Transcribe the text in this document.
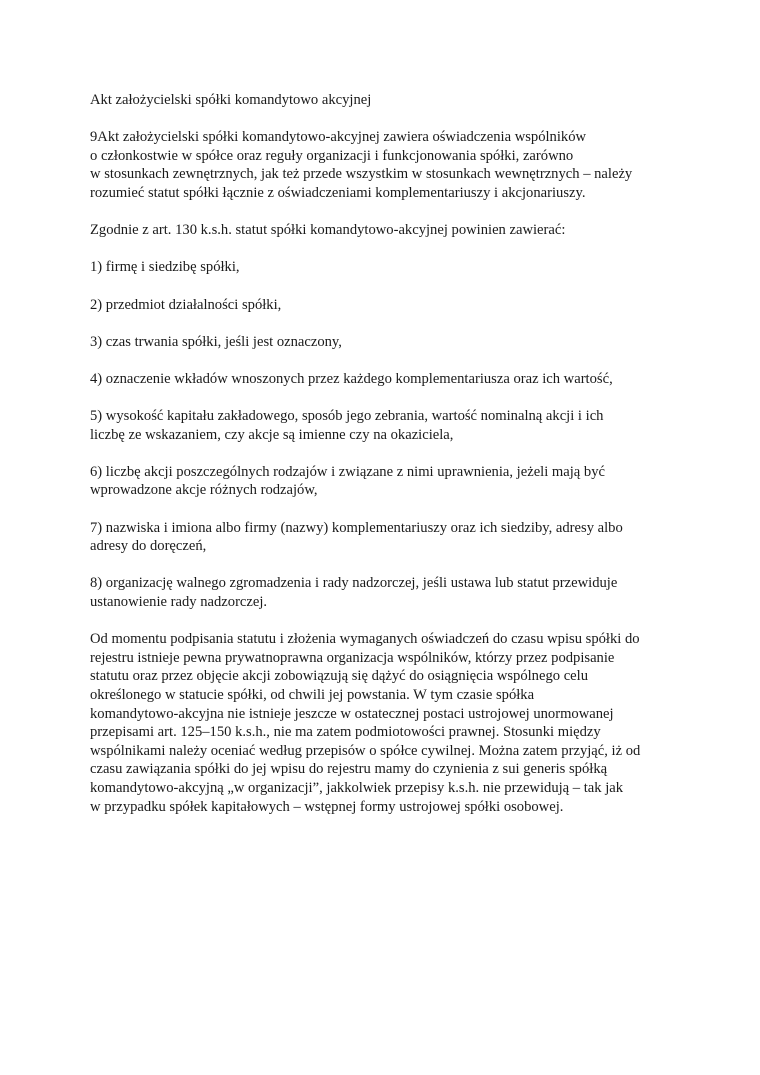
Akt założycielski spółki komandytowo akcyjnej

9Akt założycielski spółki komandytowo-akcyjnej zawiera oświadczenia wspólników
o członkostwie w spółce oraz reguły organizacji i funkcjonowania spółki, zarówno
w stosunkach zewnętrznych, jak też przede wszystkim w stosunkach wewnętrznych – należy
rozumieć statut spółki łącznie z oświadczeniami komplementariuszy i akcjonariuszy.

Zgodnie z art. 130 k.s.h. statut spółki komandytowo-akcyjnej powinien zawierać:

1) firmę i siedzibę spółki,

2) przedmiot działalności spółki,

3) czas trwania spółki, jeśli jest oznaczony,

4) oznaczenie wkładów wnoszonych przez każdego komplementariusza oraz ich wartość,

5) wysokość kapitału zakładowego, sposób jego zebrania, wartość nominalną akcji i ich
liczbę ze wskazaniem, czy akcje są imienne czy na okaziciela,

6) liczbę akcji poszczególnych rodzajów i związane z nimi uprawnienia, jeżeli mają być
wprowadzone akcje różnych rodzajów,

7) nazwiska i imiona albo firmy (nazwy) komplementariuszy oraz ich siedziby, adresy albo
adresy do doręczeń,

8) organizację walnego zgromadzenia i rady nadzorczej, jeśli ustawa lub statut przewiduje
ustanowienie rady nadzorczej.

Od momentu podpisania statutu i złożenia wymaganych oświadczeń do czasu wpisu spółki do
rejestru istnieje pewna prywatnoprawna organizacja wspólników, którzy przez podpisanie
statutu oraz przez objęcie akcji zobowiązują się dążyć do osiągnięcia wspólnego celu
określonego w statucie spółki, od chwili jej powstania. W tym czasie spółka
komandytowo-akcyjna nie istnieje jeszcze w ostatecznej postaci ustrojowej unormowanej
przepisami art. 125–150 k.s.h., nie ma zatem podmiotowości prawnej. Stosunki między
wspólnikami należy oceniać według przepisów o spółce cywilnej. Można zatem przyjąć, iż od
czasu zawiązania spółki do jej wpisu do rejestru mamy do czynienia z sui generis spółką
komandytowo-akcyjną „w organizacji”, jakkolwiek przepisy k.s.h. nie przewidują – tak jak
w przypadku spółek kapitałowych – wstępnej formy ustrojowej spółki osobowej.
